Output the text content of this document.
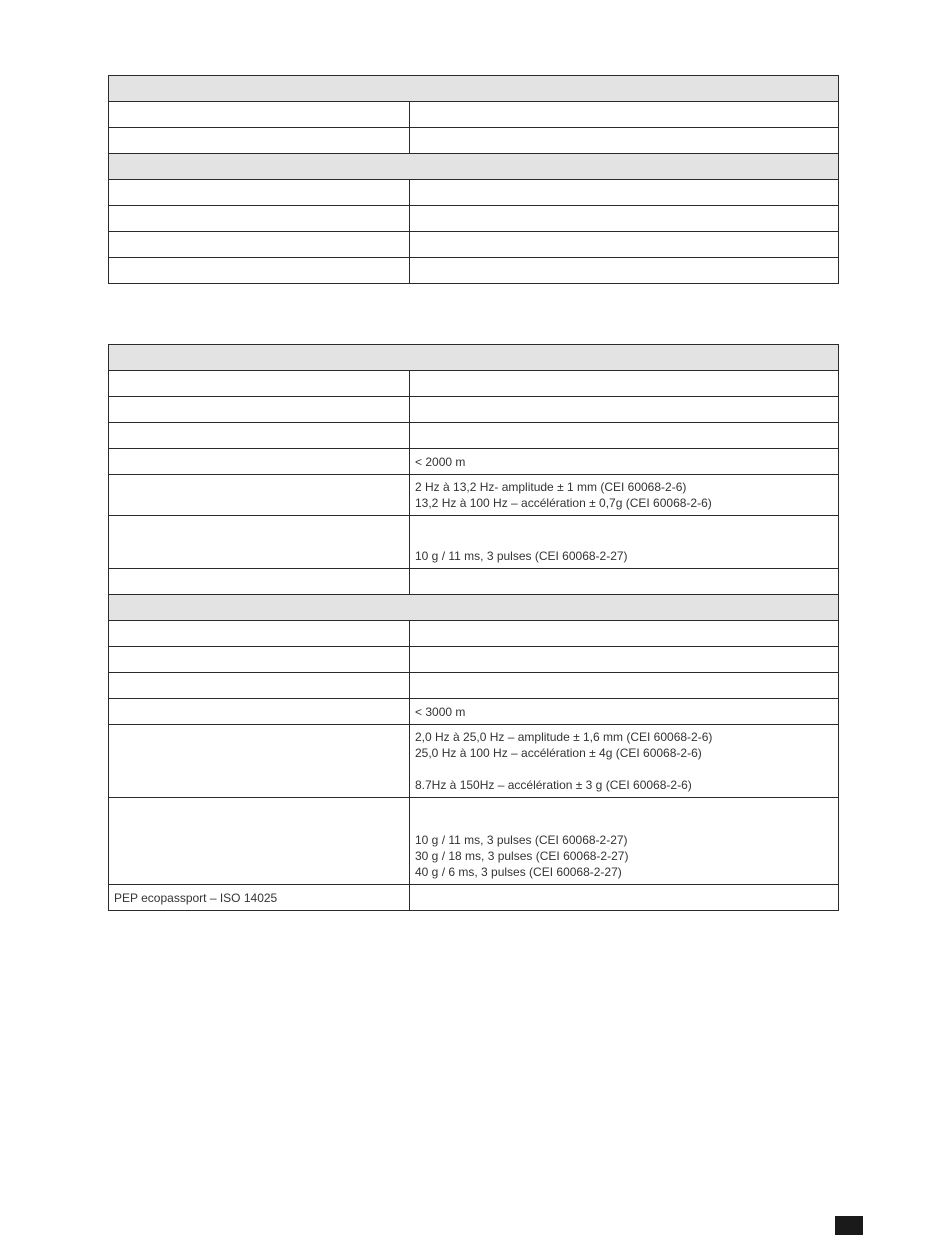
	< 2000 m

	2 Hz à 13,2 Hz- amplitude ± 1 mm (CEI 60068-2-6)
13,2 Hz à 100 Hz – accélération ± 0,7g (CEI 60068-2-6)

	10 g / 11 ms, 3 pulses (CEI 60068-2-27)

	< 3000 m

	2,0 Hz à 25,0 Hz – amplitude ± 1,6 mm (CEI 60068-2-6)
25,0 Hz à 100 Hz – accélération ± 4g (CEI 60068-2-6)
8.7Hz à 150Hz – accélération ± 3 g (CEI 60068-2-6)

	10 g / 11 ms, 3 pulses (CEI 60068-2-27)
30 g / 18 ms, 3 pulses (CEI 60068-2-27)
40 g / 6 ms, 3 pulses (CEI 60068-2-27)

PEP ecopassport – ISO 14025	
